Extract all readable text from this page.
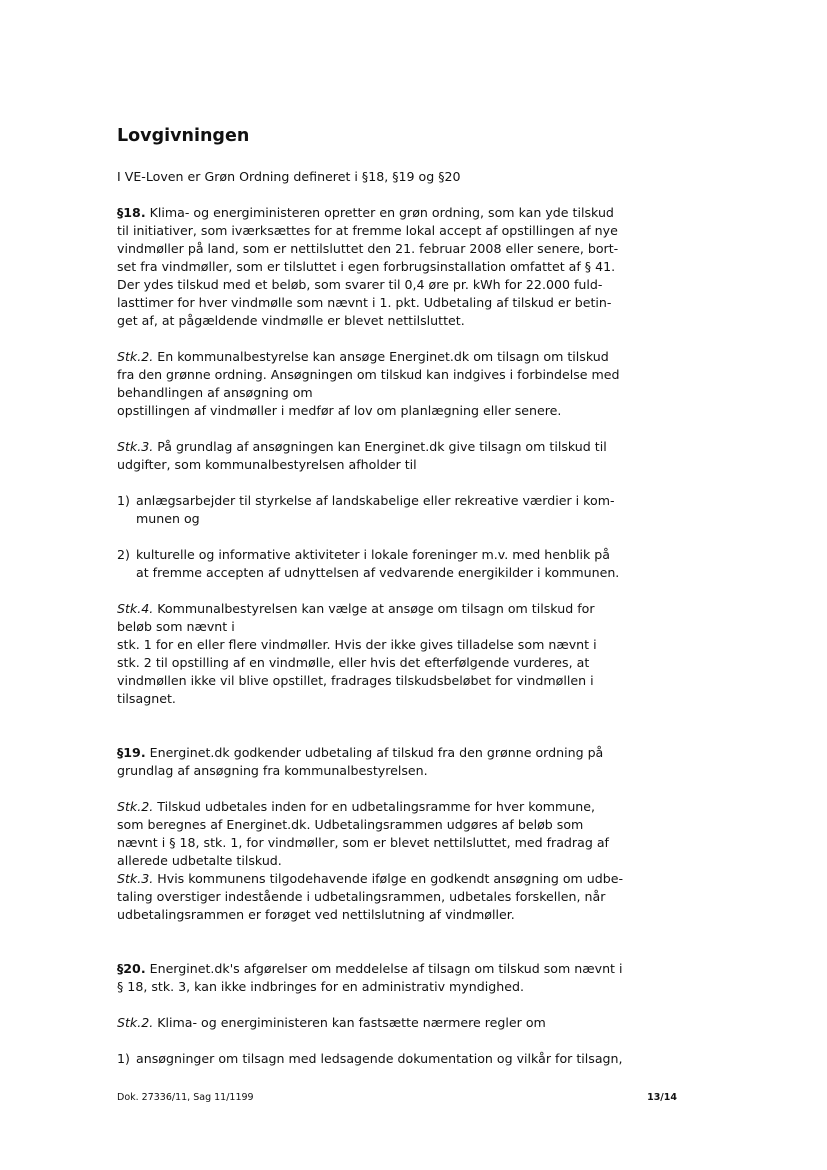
Lovgivningen

I VE-Loven er Grøn Ordning defineret i §18, §19 og §20

§18. Klima- og energiministeren opretter en grøn ordning, som kan yde tilskud

til initiativer, som iværksættes for at fremme lokal accept af opstillingen af nye

vindmøller på land, som er nettilsluttet den 21. februar 2008 eller senere, bort-

set fra vindmøller, som er tilsluttet i egen forbrugsinstallation omfattet af § 41.

Der ydes tilskud med et beløb, som svarer til 0,4 øre pr. kWh for 22.000 fuld-

lasttimer for hver vindmølle som nævnt i 1. pkt. Udbetaling af tilskud er betin-

get af, at pågældende vindmølle er blevet nettilsluttet.

Stk.2. En kommunalbestyrelse kan ansøge Energinet.dk om tilsagn om tilskud

fra den grønne ordning. Ansøgningen om tilskud kan indgives i forbindelse med

behandlingen af ansøgning om

opstillingen af vindmøller i medfør af lov om planlægning eller senere.

Stk.3. På grundlag af ansøgningen kan Energinet.dk give tilsagn om tilskud til

udgifter, som kommunalbestyrelsen afholder til

1) anlægsarbejder til styrkelse af landskabelige eller rekreative værdier i kom-

munen og

2) kulturelle og informative aktiviteter i lokale foreninger m.v. med henblik på

at fremme accepten af udnyttelsen af vedvarende energikilder i kommunen.

Stk.4. Kommunalbestyrelsen kan vælge at ansøge om tilsagn om tilskud for

beløb som nævnt i

stk. 1 for en eller flere vindmøller. Hvis der ikke gives tilladelse som nævnt i

stk. 2 til opstilling af en vindmølle, eller hvis det efterfølgende vurderes, at

vindmøllen ikke vil blive opstillet, fradrages tilskudsbeløbet for vindmøllen i

tilsagnet.

§19. Energinet.dk godkender udbetaling af tilskud fra den grønne ordning på

grundlag af ansøgning fra kommunalbestyrelsen.

Stk.2. Tilskud udbetales inden for en udbetalingsramme for hver kommune,

som beregnes af Energinet.dk. Udbetalingsrammen udgøres af beløb som

nævnt i § 18, stk. 1, for vindmøller, som er blevet nettilsluttet, med fradrag af

allerede udbetalte tilskud.

Stk.3. Hvis kommunens tilgodehavende ifølge en godkendt ansøgning om udbe-

taling overstiger indestående i udbetalingsrammen, udbetales forskellen, når

udbetalingsrammen er forøget ved nettilslutning af vindmøller.

§20. Energinet.dk's afgørelser om meddelelse af tilsagn om tilskud som nævnt i

§ 18, stk. 3, kan ikke indbringes for en administrativ myndighed.

Stk.2. Klima- og energiministeren kan fastsætte nærmere regler om

1) ansøgninger om tilsagn med ledsagende dokumentation og vilkår for tilsagn,

Dok. 27336/11, Sag 11/1199	13/14
